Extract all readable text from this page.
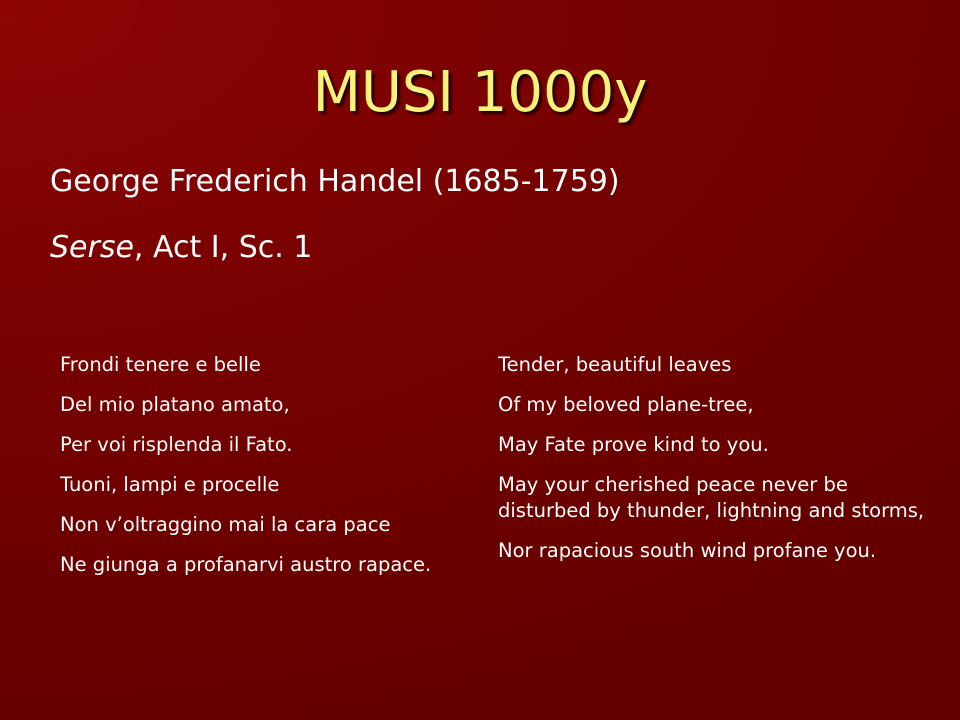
MUSI 1000y

George Frederich Handel (1685-1759)

Serse, Act I, Sc. 1

Frondi tenere e belle
Del mio platano amato,
Per voi risplenda il Fato.
Tuoni, lampi e procelle
Non v’oltraggino mai la cara pace
Ne giunga a profanarvi austro rapace.
Tender, beautiful leaves
Of my beloved plane-tree,
May Fate prove kind to you.
May your cherished peace never be disturbed by thunder, lightning and storms,
Nor rapacious south wind profane you.
